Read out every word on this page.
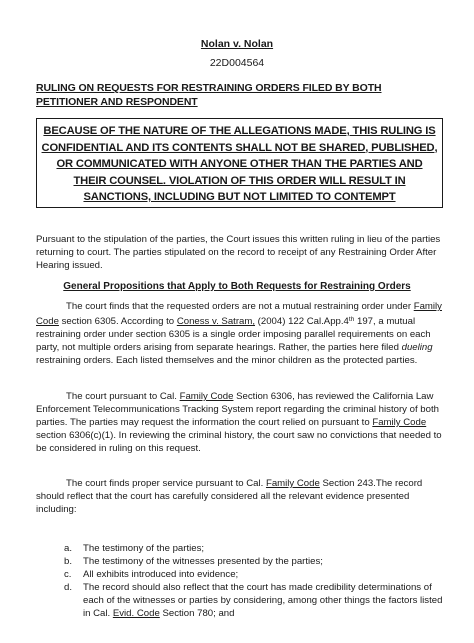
Nolan v. Nolan
22D004564
RULING ON REQUESTS FOR RESTRAINING ORDERS FILED BY BOTH PETITIONER AND RESPONDENT
BECAUSE OF THE NATURE OF THE ALLEGATIONS MADE, THIS RULING IS CONFIDENTIAL AND ITS CONTENTS SHALL NOT BE SHARED, PUBLISHED, OR COMMUNICATED WITH ANYONE OTHER THAN THE PARTIES AND THEIR COUNSEL. VIOLATION OF THIS ORDER WILL RESULT IN SANCTIONS, INCLUDING BUT NOT LIMITED TO CONTEMPT
Pursuant to the stipulation of the parties, the Court issues this written ruling in lieu of the parties returning to court. The parties stipulated on the record to receipt of any Restraining Order After Hearing issued.
General Propositions that Apply to Both Requests for Restraining Orders
The court finds that the requested orders are not a mutual restraining order under Family Code section 6305. According to Coness v. Satram, (2004) 122 Cal.App.4th 197, a mutual restraining order under section 6305 is a single order imposing parallel requirements on each party, not multiple orders arising from separate hearings. Rather, the parties here filed dueling restraining orders. Each listed themselves and the minor children as the protected parties.
The court pursuant to Cal. Family Code Section 6306, has reviewed the California Law Enforcement Telecommunications Tracking System report regarding the criminal history of both parties. The parties may request the information the court relied on pursuant to Family Code section 6306(c)(1). In reviewing the criminal history, the court saw no convictions that needed to be considered in ruling on this request.
The court finds proper service pursuant to Cal. Family Code Section 243.The record should reflect that the court has carefully considered all the relevant evidence presented including:
a. The testimony of the parties;
b. The testimony of the witnesses presented by the parties;
c. All exhibits introduced into evidence;
d. The record should also reflect that the court has made credibility determinations of each of the witnesses or parties by considering, among other things the factors listed in Cal. Evid. Code Section 780; and
